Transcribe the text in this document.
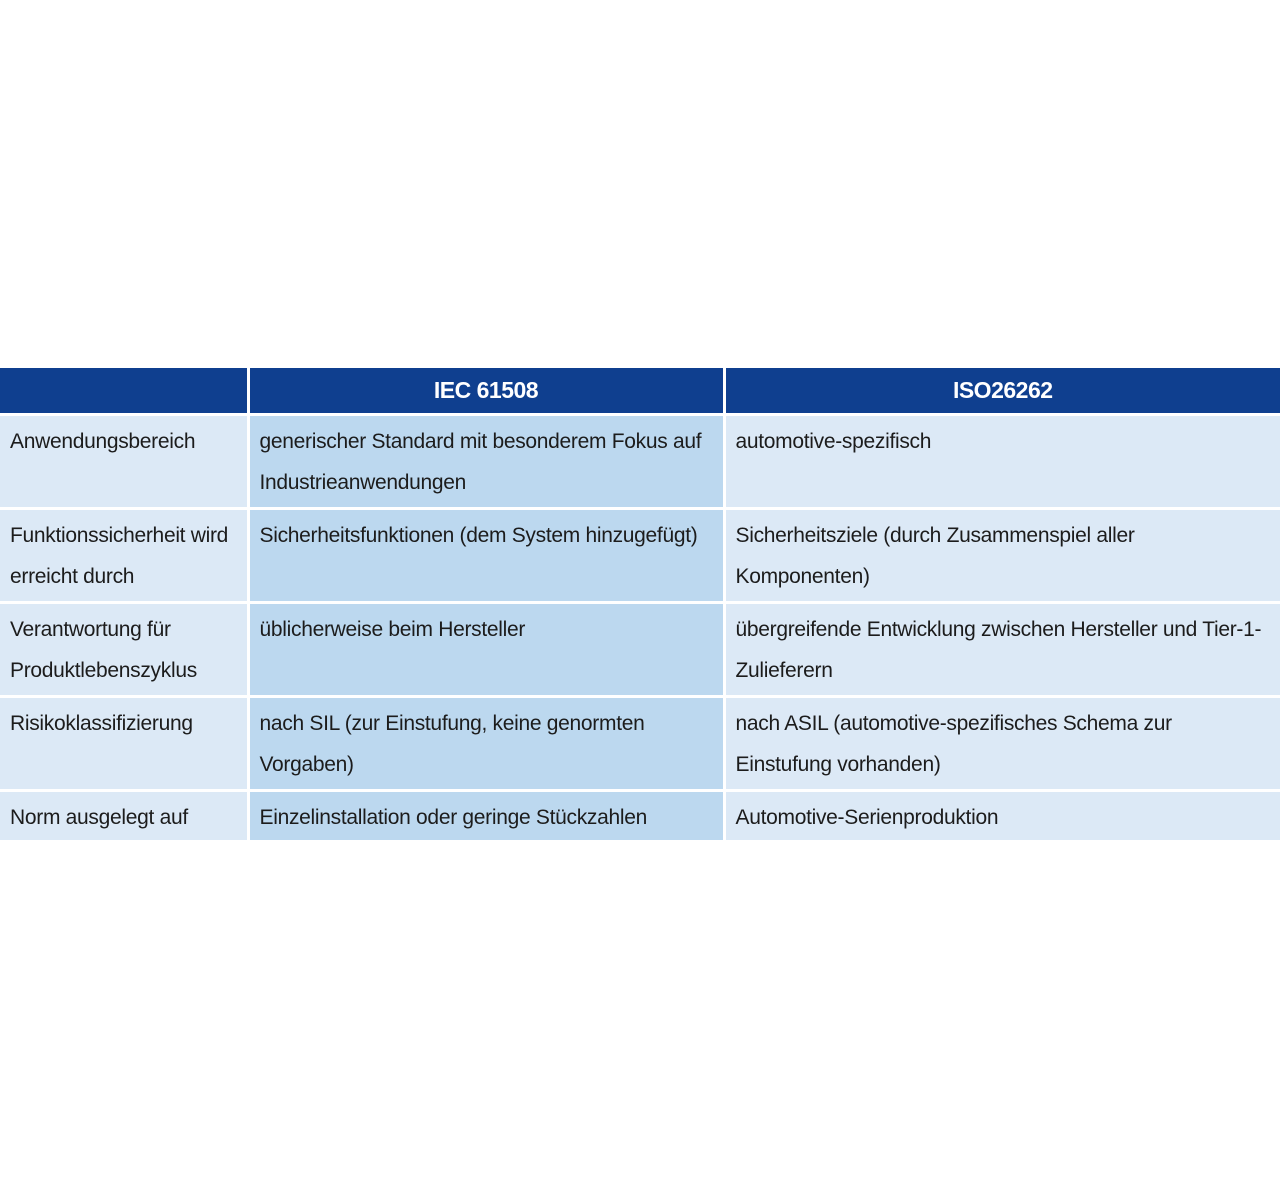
	IEC 61508	ISO26262
Anwendungsbereich	generischer Standard mit besonderem Fokus auf Industrieanwendungen	automotive-spezifisch
Funktionssicherheit wird erreicht durch	Sicherheitsfunktionen (dem System hinzugefügt)	Sicherheitsziele (durch Zusammenspiel aller Komponenten)
Verantwortung für Produktlebenszyklus	üblicherweise beim Hersteller	übergreifende Entwicklung zwischen Hersteller und Tier-1-Zulieferern
Risikoklassifizierung	nach SIL (zur Einstufung, keine genormten Vorgaben)	nach ASIL (automotive-spezifisches Schema zur Einstufung vorhanden)
Norm ausgelegt auf	Einzelinstallation oder geringe Stückzahlen	Automotive-Serienproduktion
